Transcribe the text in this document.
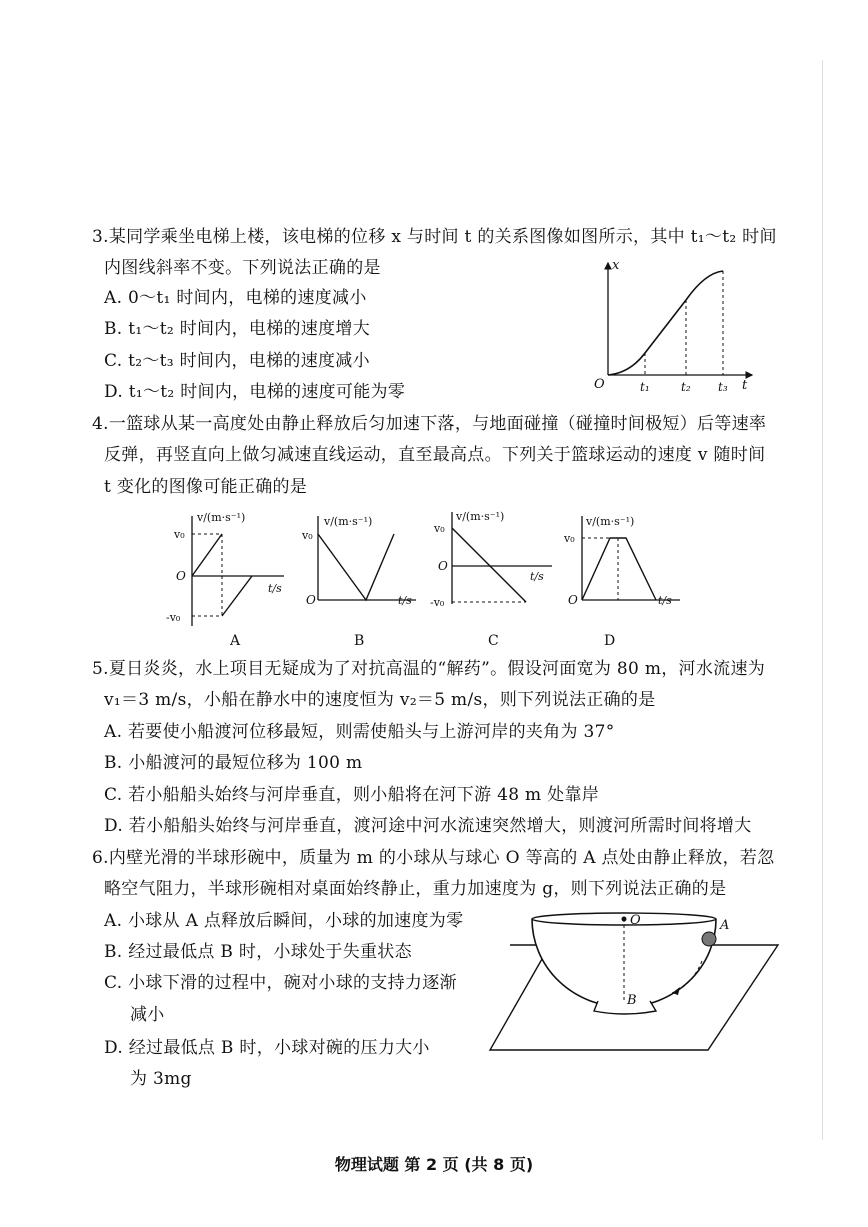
3.某同学乘坐电梯上楼，该电梯的位移 x 与时间 t 的关系图像如图所示，其中 t₁～t₂ 时间
内图线斜率不变。下列说法正确的是
A. 0～t₁ 时间内，电梯的速度减小
B. t₁～t₂ 时间内，电梯的速度增大
C. t₂～t₃ 时间内，电梯的速度减小
D. t₁～t₂ 时间内，电梯的速度可能为零
x
O	t₁	t₂ t₃ t
4.一篮球从某一高度处由静止释放后匀加速下落，与地面碰撞（碰撞时间极短）后等速率
反弹，再竖直向上做匀减速直线运动，直至最高点。下列关于篮球运动的速度 v 随时间
t 变化的图像可能正确的是
v/(m·s⁻¹)
v₀
O
-v₀
t/s
A
v/(m·s⁻¹)
v₀
O	t/s
B
v/(m·s⁻¹)
v₀
O
-v₀
t/s
C
v/(m·s⁻¹)
v₀
O	t/s
D
5.夏日炎炎，水上项目无疑成为了对抗高温的“解药”。假设河面宽为 80 m，河水流速为
v₁＝3 m/s，小船在静水中的速度恒为 v₂＝5 m/s，则下列说法正确的是
A. 若要使小船渡河位移最短，则需使船头与上游河岸的夹角为 37°
B. 小船渡河的最短位移为 100 m
C. 若小船船头始终与河岸垂直，则小船将在河下游 48 m 处靠岸
D. 若小船船头始终与河岸垂直，渡河途中河水流速突然增大，则渡河所需时间将增大
6.内壁光滑的半球形碗中，质量为 m 的小球从与球心 O 等高的 A 点处由静止释放，若忽
略空气阻力，半球形碗相对桌面始终静止，重力加速度为 g，则下列说法正确的是
A. 小球从 A 点释放后瞬间，小球的加速度为零
B. 经过最低点 B 时，小球处于失重状态
C. 小球下滑的过程中，碗对小球的支持力逐渐
减小
D. 经过最低点 B 时，小球对碗的压力大小
为 3mg
O	A
B
物理试题 第 2 页 (共 8 页)
